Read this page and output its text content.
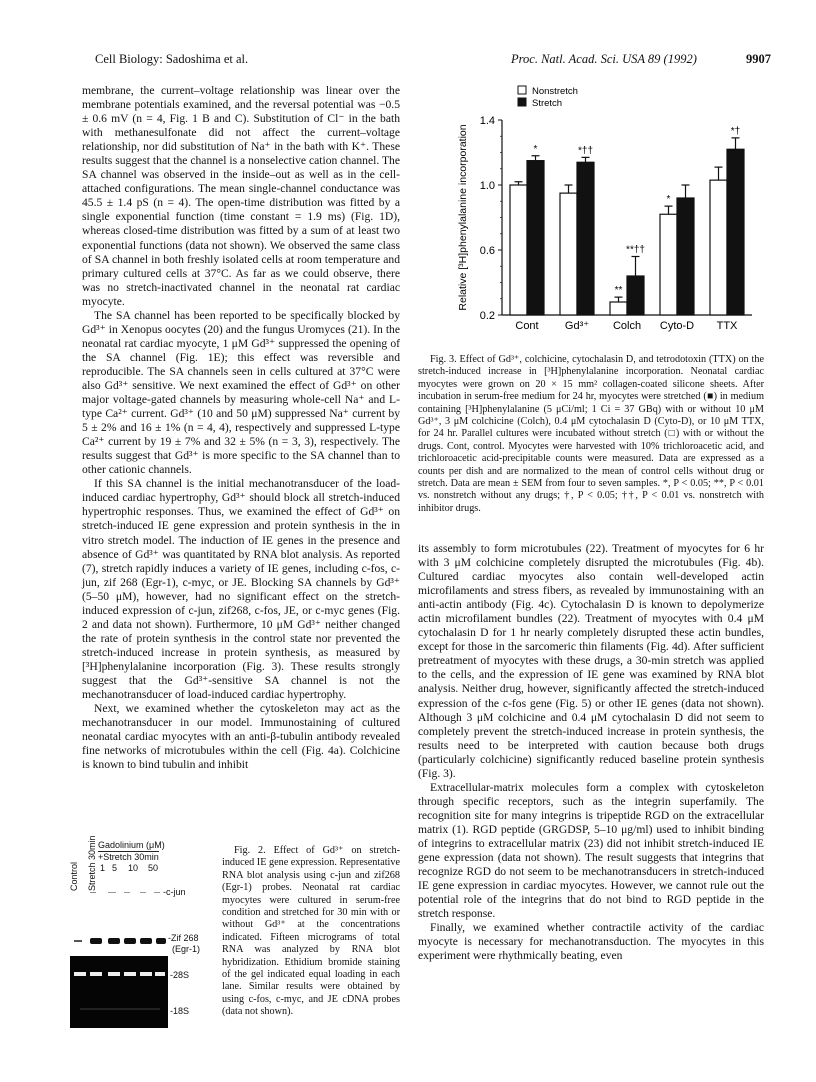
Cell Biology: Sadoshima et al.	Proc. Natl. Acad. Sci. USA 89 (1992)	9907

membrane, the current–voltage relationship was linear over the membrane potentials examined, and the reversal potential was −0.5 ± 0.6 mV (n = 4, Fig. 1 B and C). Substitution of Cl⁻ in the bath with methanesulfonate did not affect the current–voltage relationship, nor did substitution of Na⁺ in the bath with K⁺. These results suggest that the channel is a nonselective cation channel. The SA channel was observed in the inside–out as well as in the cell-attached configurations. The mean single-channel conductance was 45.5 ± 1.4 pS (n = 4). The open-time distribution was fitted by a single exponential function (time constant = 1.9 ms) (Fig. 1D), whereas closed-time distribution was fitted by a sum of at least two exponential functions (data not shown). We observed the same class of SA channel in both freshly isolated cells at room temperature and primary cultured cells at 37°C. As far as we could observe, there was no stretch-inactivated channel in the neonatal rat cardiac myocyte.

The SA channel has been reported to be specifically blocked by Gd³⁺ in Xenopus oocytes (20) and the fungus Uromyces (21). In the neonatal rat cardiac myocyte, 1 μM Gd³⁺ suppressed the opening of the SA channel (Fig. 1E); this effect was reversible and reproducible. The SA channels seen in cells cultured at 37°C were also Gd³⁺ sensitive. We next examined the effect of Gd³⁺ on other major voltage-gated channels by measuring whole-cell Na⁺ and L-type Ca²⁺ current. Gd³⁺ (10 and 50 μM) suppressed Na⁺ current by 5 ± 2% and 16 ± 1% (n = 4, 4), respectively and suppressed L-type Ca²⁺ current by 19 ± 7% and 32 ± 5% (n = 3, 3), respectively. The results suggest that Gd³⁺ is more specific to the SA channel than to other cationic channels.

If this SA channel is the initial mechanotransducer of the load-induced cardiac hypertrophy, Gd³⁺ should block all stretch-induced hypertrophic responses. Thus, we examined the effect of Gd³⁺ on stretch-induced IE gene expression and protein synthesis in the in vitro stretch model. The induction of IE genes in the presence and absence of Gd³⁺ was quantitated by RNA blot analysis. As reported (7), stretch rapidly induces a variety of IE genes, including c-fos, c-jun, zif 268 (Egr-1), c-myc, or JE. Blocking SA channels by Gd³⁺ (5–50 μM), however, had no significant effect on the stretch-induced expression of c-jun, zif268, c-fos, JE, or c-myc genes (Fig. 2 and data not shown). Furthermore, 10 μM Gd³⁺ neither changed the rate of protein synthesis in the control state nor prevented the stretch-induced increase in protein synthesis, as measured by [³H]phenylalanine incorporation (Fig. 3). These results strongly suggest that the Gd³⁺-sensitive SA channel is not the mechanotransducer of load-induced cardiac hypertrophy.

Next, we examined whether the cytoskeleton may act as the mechanotransducer in our model. Immunostaining of cultured neonatal cardiac myocytes with an anti-β-tubulin antibody revealed fine networks of microtubules within the cell (Fig. 4a). Colchicine is known to bind tubulin and inhibit

0.2
0.6
1.0
1.4
Relative [³H]phenylalanine incorporation	*
Cont
*††
Gd³⁺
**
**††
Colch
*
Cyto-D
*†
TTX
Nonstretch
Stretch

Fig. 3. Effect of Gd³⁺, colchicine, cytochalasin D, and tetrodotoxin (TTX) on the stretch-induced increase in [³H]phenylalanine incorporation. Neonatal cardiac myocytes were grown on 20 × 15 mm² collagen-coated silicone sheets. After incubation in serum-free medium for 24 hr, myocytes were stretched (■) in medium containing [³H]phenylalanine (5 μCi/ml; 1 Ci = 37 GBq) with or without 10 μM Gd³⁺, 3 μM colchicine (Colch), 0.4 μM cytochalasin D (Cyto-D), or 10 μM TTX, for 24 hr. Parallel cultures were incubated without stretch (□) with or without the drugs. Cont, control. Myocytes were harvested with 10% trichloroacetic acid, and trichloroacetic acid-precipitable counts were measured. Data are expressed as a counts per dish and are normalized to the mean of control cells without drug or stretch. Data are mean ± SEM from four to seven samples. *, P < 0.05; **, P < 0.01 vs. nonstretch without any drugs; †, P < 0.05; ††, P < 0.01 vs. nonstretch with inhibitor drugs.

its assembly to form microtubules (22). Treatment of myocytes for 6 hr with 3 μM colchicine completely disrupted the microtubules (Fig. 4b). Cultured cardiac myocytes also contain well-developed actin microfilaments and stress fibers, as revealed by immunostaining with an anti-actin antibody (Fig. 4c). Cytochalasin D is known to depolymerize actin microfilament bundles (22). Treatment of myocytes with 0.4 μM cytochalasin D for 1 hr nearly completely disrupted these actin bundles, except for those in the sarcomeric thin filaments (Fig. 4d). After sufficient pretreatment of myocytes with these drugs, a 30-min stretch was applied to the cells, and the expression of IE gene was examined by RNA blot analysis. Neither drug, however, significantly affected the stretch-induced expression of the c-fos gene (Fig. 5) or other IE genes (data not shown). Although 3 μM colchicine and 0.4 μM cytochalasin D did not seem to completely prevent the stretch-induced increase in protein synthesis, the results need to be interpreted with caution because both drugs (particularly colchicine) significantly reduced baseline protein synthesis (Fig. 3).

Extracellular-matrix molecules form a complex with cytoskeleton through specific receptors, such as the integrin superfamily. The recognition site for many integrins is tripeptide RGD on the extracellular matrix (1). RGD peptide (GRGDSP, 5–10 μg/ml) used to inhibit binding of integrins to extracellular matrix (23) did not inhibit stretch-induced IE gene expression (data not shown). The result suggests that integrins that recognize RGD do not seem to be mechanotransducers in stretch-induced IE gene expression in cardiac myocytes. However, we cannot rule out the potential role of the integrins that do not bind to RGD peptide in the stretch response.

Finally, we examined whether contractile activity of the cardiac myocyte is necessary for mechanotransduction. The myocytes in this experiment were rhythmically beating, even

Control Stretch 30min Gadolinium (μM)
+Stretch 30min
1 5 10 50
-c-jun
-Zif 268
(Egr-1)
-28S
-18S

Fig. 2. Effect of Gd³⁺ on stretch-induced IE gene expression. Representative RNA blot analysis using c-jun and zif268 (Egr-1) probes. Neonatal rat cardiac myocytes were cultured in serum-free condition and stretched for 30 min with or without Gd³⁺ at the concentrations indicated. Fifteen micrograms of total RNA was analyzed by RNA blot hybridization. Ethidium bromide staining of the gel indicated equal loading in each lane. Similar results were obtained by using c-fos, c-myc, and JE cDNA probes (data not shown).
